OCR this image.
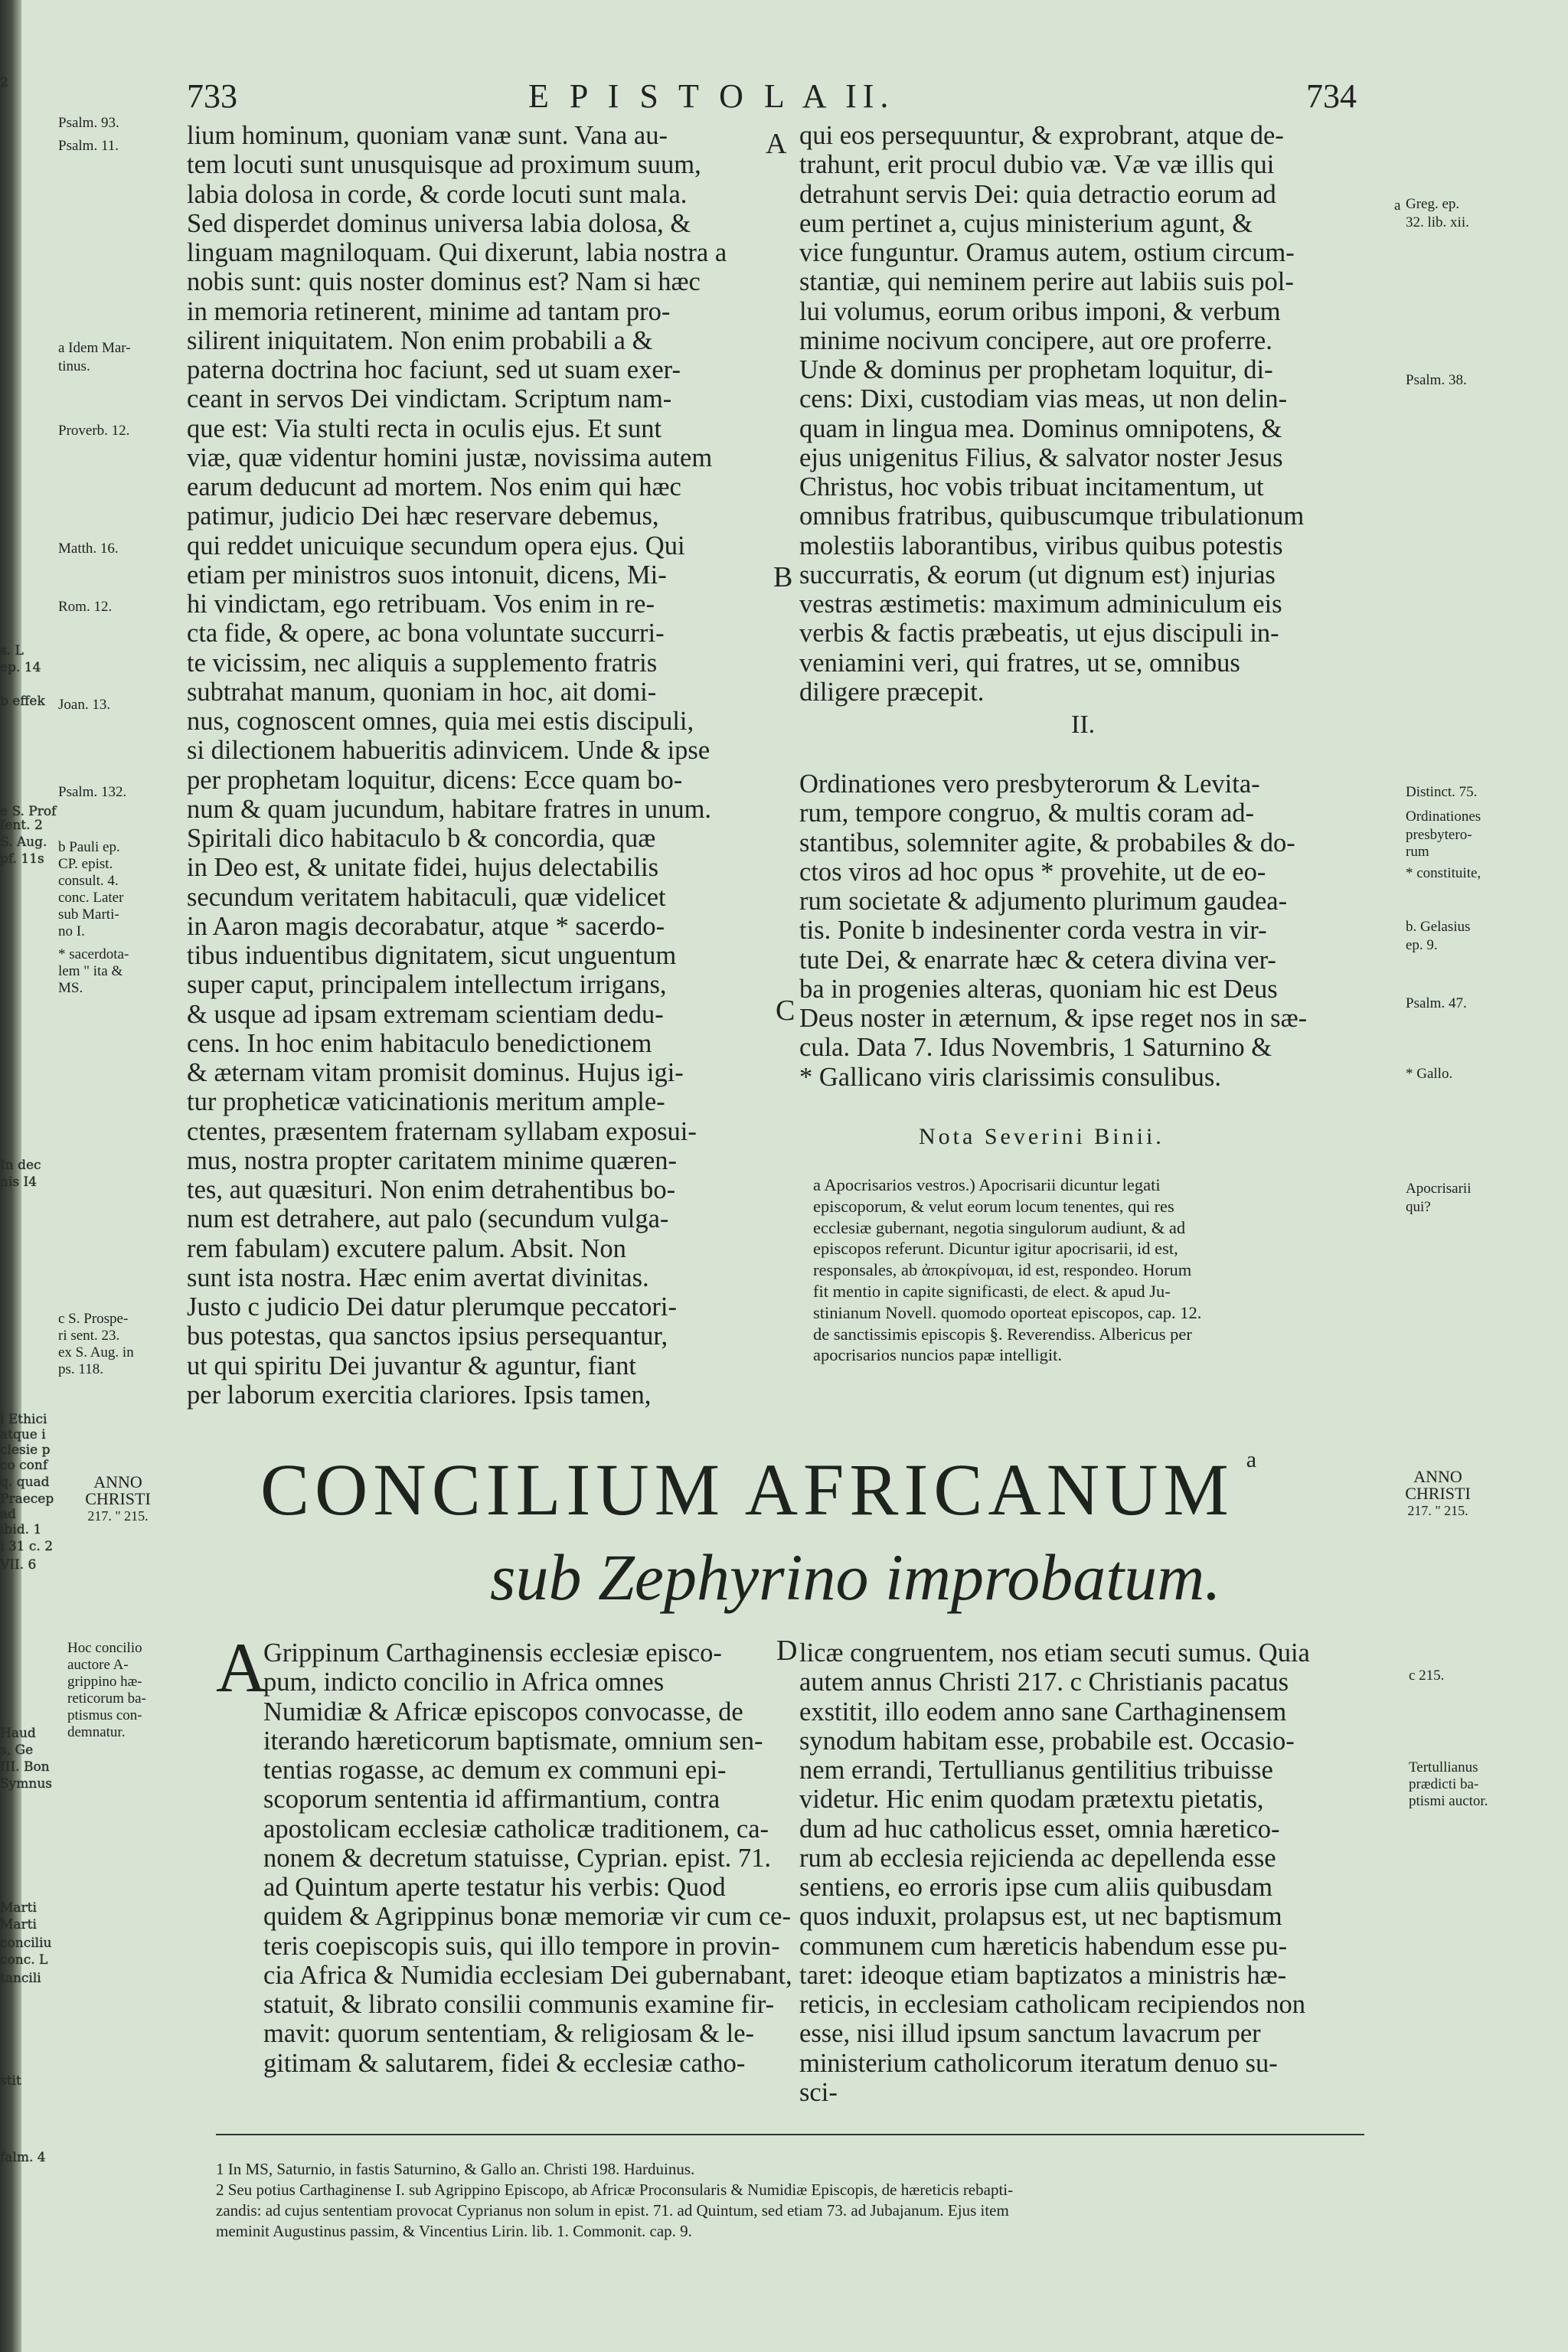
2
s. L
ep. 14
b effek
e S. Prof
fent. 2
S. Aug.
pf. 11s
In dec
nis I4
l Ethici
atque i
clesie p
co conf
q. quad
Praecep
ad
ibid. 1
i 31 c. 2
VII. 6
Haud
s, Ge
III. Bon
Symnus
Marti
Marti
conciliu
conc. L
tancili
stit
falm. 4
733	E P I S T O L A II.	734
lium hominum, quoniam vanæ sunt. Vana au-
tem locuti sunt unusquisque ad proximum suum,
labia dolosa in corde, & corde locuti sunt mala.
Sed disperdet dominus universa labia dolosa, &
linguam magniloquam. Qui dixerunt, labia nostra a
nobis sunt: quis noster dominus est? Nam si hæc
in memoria retinerent, minime ad tantam pro-
silirent iniquitatem. Non enim probabili a &
paterna doctrina hoc faciunt, sed ut suam exer-
ceant in servos Dei vindictam. Scriptum nam-
que est: Via stulti recta in oculis ejus. Et sunt
viæ, quæ videntur homini justæ, novissima autem
earum deducunt ad mortem. Nos enim qui hæc
patimur, judicio Dei hæc reservare debemus,
qui reddet unicuique secundum opera ejus. Qui
etiam per ministros suos intonuit, dicens, Mi-
hi vindictam, ego retribuam. Vos enim in re-
cta fide, & opere, ac bona voluntate succurri-
te vicissim, nec aliquis a supplemento fratris
subtrahat manum, quoniam in hoc, ait domi-
nus, cognoscent omnes, quia mei estis discipuli,
si dilectionem habueritis adinvicem. Unde & ipse
per prophetam loquitur, dicens: Ecce quam bo-
num & quam jucundum, habitare fratres in unum.
Spiritali dico habitaculo b & concordia, quæ
in Deo est, & unitate fidei, hujus delectabilis
secundum veritatem habitaculi, quæ videlicet
in Aaron magis decorabatur, atque * sacerdo-
tibus induentibus dignitatem, sicut unguentum
super caput, principalem intellectum irrigans,
& usque ad ipsam extremam scientiam dedu-
cens. In hoc enim habitaculo benedictionem
& æternam vitam promisit dominus. Hujus igi-
tur propheticæ vaticinationis meritum ample-
ctentes, præsentem fraternam syllabam exposui-
mus, nostra propter caritatem minime quæren-
tes, aut quæsituri. Non enim detrahentibus bo-
num est detrahere, aut palo (secundum vulga-
rem fabulam) excutere palum. Absit. Non
sunt ista nostra. Hæc enim avertat divinitas.
Justo c judicio Dei datur plerumque peccatori-
bus potestas, qua sanctos ipsius persequantur,
ut qui spiritu Dei juvantur & aguntur, fiant
per laborum exercitia clariores. Ipsis tamen,
qui eos persequuntur, & exprobrant, atque de-
trahunt, erit procul dubio væ. Væ væ illis qui
detrahunt servis Dei: quia detractio eorum ad
eum pertinet a, cujus ministerium agunt, &
vice funguntur. Oramus autem, ostium circum-
stantiæ, qui neminem perire aut labiis suis pol-
lui volumus, eorum oribus imponi, & verbum
minime nocivum concipere, aut ore proferre.
Unde & dominus per prophetam loquitur, di-
cens: Dixi, custodiam vias meas, ut non delin-
quam in lingua mea. Dominus omnipotens, &
ejus unigenitus Filius, & salvator noster Jesus
Christus, hoc vobis tribuat incitamentum, ut
omnibus fratribus, quibuscumque tribulationum
molestiis laborantibus, viribus quibus potestis
succurratis, & eorum (ut dignum est) injurias
vestras æstimetis: maximum adminiculum eis
verbis & factis præbeatis, ut ejus discipuli in-
veniamini veri, qui fratres, ut se, omnibus
diligere præcepit.
II.
Ordinationes vero presbyterorum & Levita-
rum, tempore congruo, & multis coram ad-
stantibus, solemniter agite, & probabiles & do-
ctos viros ad hoc opus * provehite, ut de eo-
rum societate & adjumento plurimum gaudea-
tis. Ponite b indesinenter corda vestra in vir-
tute Dei, & enarrate hæc & cetera divina ver-
ba in progenies alteras, quoniam hic est Deus
Deus noster in æternum, & ipse reget nos in sæ-
cula. Data 7. Idus Novembris, 1 Saturnino &
* Gallicano viris clarissimis consulibus.
Nota Severini Binii.
a Apocrisarios vestros.) Apocrisarii dicuntur legati
episcoporum, & velut eorum locum tenentes, qui res
ecclesiæ gubernant, negotia singulorum audiunt, & ad
episcopos referunt. Dicuntur igitur apocrisarii, id est,
responsales, ab ἀποκρίνομαι, id est, respondeo. Horum
fit mentio in capite significasti, de elect. & apud Ju-
stinianum Novell. quomodo oporteat episcopos, cap. 12.
de sanctissimis episcopis §. Reverendiss. Albericus per
apocrisarios nuncios papæ intelligit.
A
B
C
D
Psalm. 93.
Psalm. 11.
a Idem Mar-
tinus.
Proverb. 12.
Matth. 16.
Rom. 12.
Joan. 13.
Psalm. 132.
b Pauli ep.
CP. epist.
consult. 4.
conc. Later
sub Marti-
no I.
* sacerdota-
lem " ita &
MS.
c S. Prospe-
ri sent. 23.
ex S. Aug. in
ps. 118.
Greg. ep.
32. lib. xii.
Psalm. 38.
Distinct. 75.
Ordinationes
presbytero-
rum
* constituite,
b. Gelasius
ep. 9.
Psalm. 47.
* Gallo.
Apocrisarii
qui?
a
ANNO
CHRISTI
217. " 215.
ANNO
CHRISTI
217. " 215.
CONCILIUM AFRICANUM $^a$
sub Zephyrino improbatum.
Hoc concilio
auctore A-
grippino hæ-
reticorum ba-
ptismus con-
demnatur.
A
Grippinum Carthaginensis ecclesiæ episco-
pum, indicto concilio in Africa omnes
Numidiæ & Africæ episcopos convocasse, de
iterando hæreticorum baptismate, omnium sen-
tentias rogasse, ac demum ex communi epi-
scoporum sententia id affirmantium, contra
apostolicam ecclesiæ catholicæ traditionem, ca-
nonem & decretum statuisse, Cyprian. epist. 71.
ad Quintum aperte testatur his verbis: Quod
quidem & Agrippinus bonæ memoriæ vir cum ce-
teris coepiscopis suis, qui illo tempore in provin-
cia Africa & Numidia ecclesiam Dei gubernabant,
statuit, & librato consilii communis examine fir-
mavit: quorum sententiam, & religiosam & le-
gitimam & salutarem, fidei & ecclesiæ catho-
licæ congruentem, nos etiam secuti sumus. Quia
autem annus Christi 217. c Christianis pacatus
exstitit, illo eodem anno sane Carthaginensem
synodum habitam esse, probabile est. Occasio-
nem errandi, Tertullianus gentilitius tribuisse
videtur. Hic enim quodam prætextu pietatis,
dum ad huc catholicus esset, omnia hæretico-
rum ab ecclesia rejicienda ac depellenda esse
sentiens, eo erroris ipse cum aliis quibusdam
quos induxit, prolapsus est, ut nec baptismum
communem cum hæreticis habendum esse pu-
taret: ideoque etiam baptizatos a ministris hæ-
reticis, in ecclesiam catholicam recipiendos non
esse, nisi illud ipsum sanctum lavacrum per
ministerium catholicorum iteratum denuo su-
sci-
c 215.
Tertullianus
prædicti ba-
ptismi auctor.
1 In MS, Saturnio, in fastis Saturnino, & Gallo an. Christi 198. Harduinus.
2 Seu potius Carthaginense I. sub Agrippino Episcopo, ab Africæ Proconsularis & Numidiæ Episcopis, de hæreticis rebapti-
zandis: ad cujus sententiam provocat Cyprianus non solum in epist. 71. ad Quintum, sed etiam 73. ad Jubajanum. Ejus item
meminit Augustinus passim, & Vincentius Lirin. lib. 1. Commonit. cap. 9.
